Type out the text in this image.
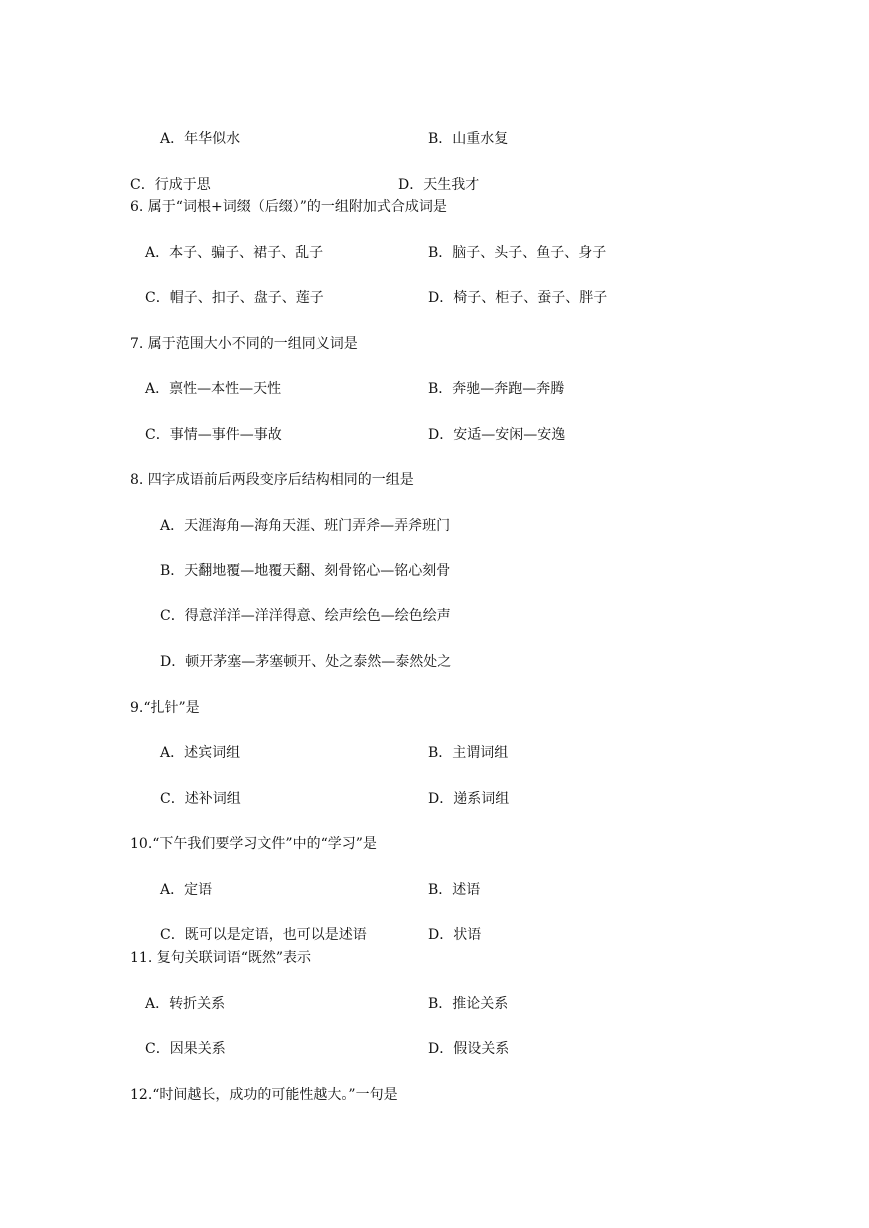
A．年华似水	B．山重水复
C．行成于思	D．天生我才
6. 属于“词根+词缀（后缀）”的一组附加式合成词是
A．本子、骗子、裙子、乱子	B．脑子、头子、鱼子、身子
C．帽子、扣子、盘子、莲子	D．椅子、柜子、蚕子、胖子
7. 属于范围大小不同的一组同义词是
A．禀性—本性—天性	B．奔驰—奔跑—奔腾
C．事情—事件—事故	D．安适—安闲—安逸
8. 四字成语前后两段变序后结构相同的一组是
A．天涯海角—海角天涯、班门弄斧—弄斧班门
B．天翻地覆—地覆天翻、刻骨铭心—铭心刻骨
C．得意洋洋—洋洋得意、绘声绘色—绘色绘声
D．顿开茅塞—茅塞顿开、处之泰然—泰然处之
9.“扎针”是
A．述宾词组	B．主谓词组
C．述补词组	D．递系词组
10.“下午我们要学习文件”中的“学习”是
A．定语	B．述语
C．既可以是定语，也可以是述语	D．状语
11. 复句关联词语“既然”表示
A．转折关系	B．推论关系
C．因果关系	D．假设关系
12.“时间越长，成功的可能性越大。”一句是
